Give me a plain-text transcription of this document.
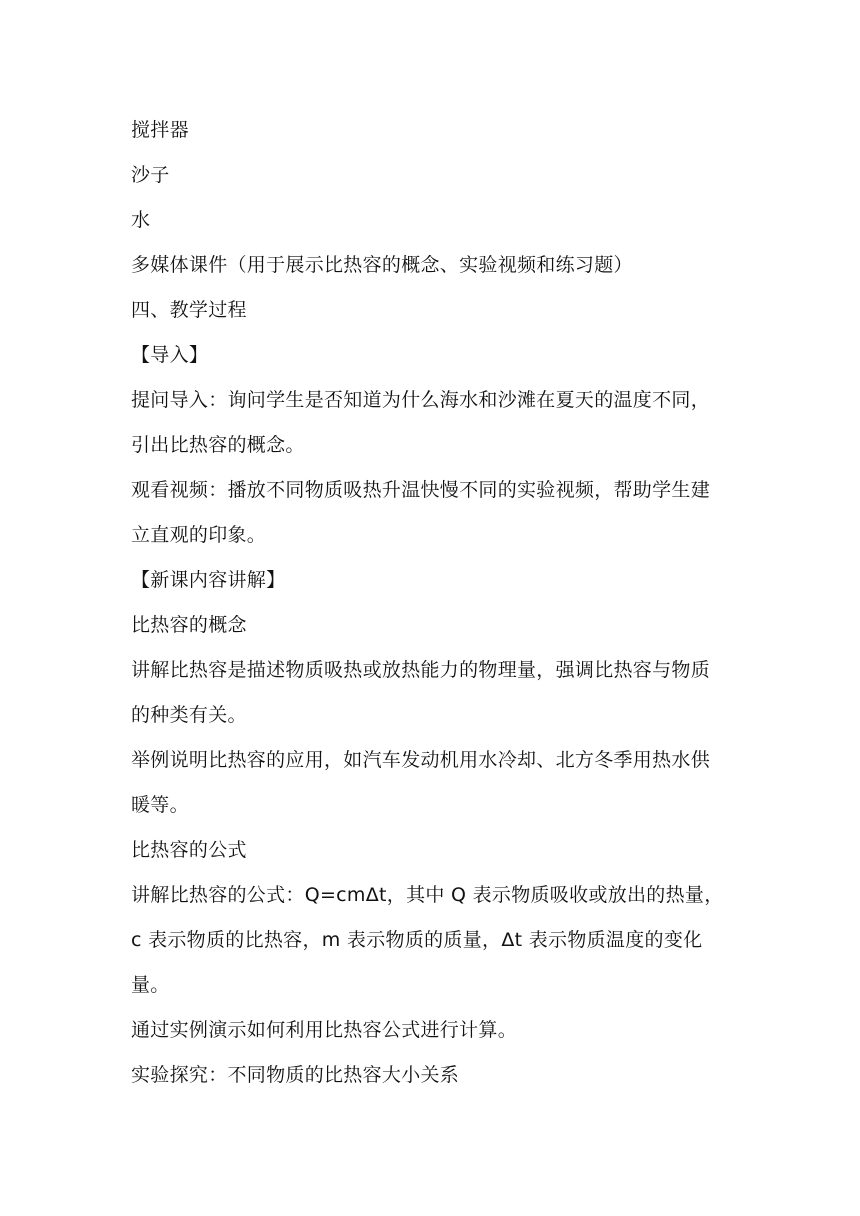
搅拌器
沙子
水
多媒体课件（用于展示比热容的概念、实验视频和练习题）
四、教学过程
【导入】
提问导入：询问学生是否知道为什么海水和沙滩在夏天的温度不同，
引出比热容的概念。
观看视频：播放不同物质吸热升温快慢不同的实验视频，帮助学生建
立直观的印象。
【新课内容讲解】
比热容的概念
讲解比热容是描述物质吸热或放热能力的物理量，强调比热容与物质
的种类有关。
举例说明比热容的应用，如汽车发动机用水冷却、北方冬季用热水供
暖等。
比热容的公式
讲解比热容的公式：Q=cmΔt，其中 Q 表示物质吸收或放出的热量，
c 表示物质的比热容，m 表示物质的质量，Δt 表示物质温度的变化
量。
通过实例演示如何利用比热容公式进行计算。
实验探究：不同物质的比热容大小关系
